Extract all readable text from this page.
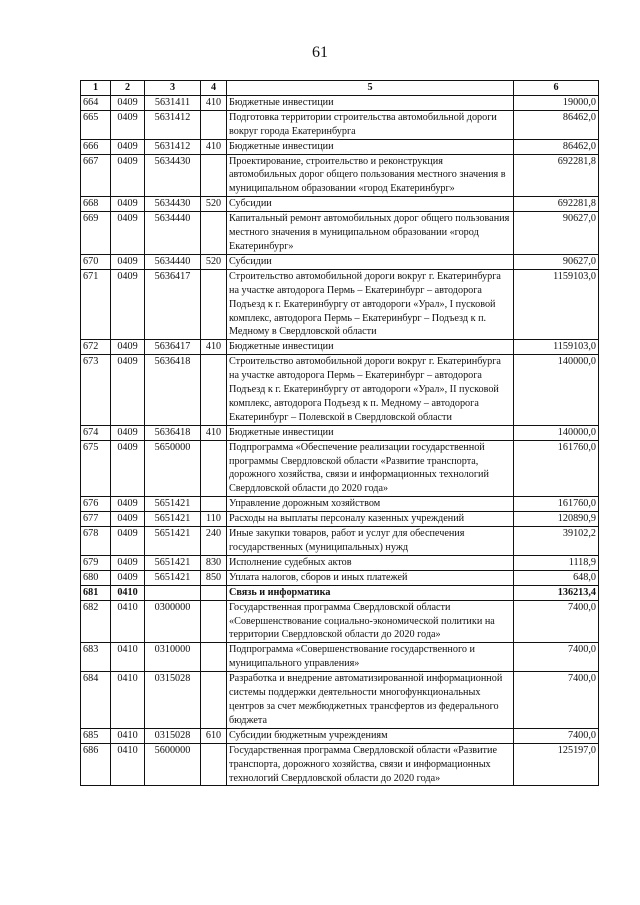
61
1	2	3	4	5	6
664	0409	5631411	410	Бюджетные инвестиции	19000,0
665	0409	5631412		Подготовка территории строительства автомобильной дороги вокруг города Екатеринбурга	86462,0
666	0409	5631412	410	Бюджетные инвестиции	86462,0
667	0409	5634430		Проектирование, строительство и реконструкция автомобильных дорог общего пользования местного значения в муниципальном образовании «город Екатеринбург»	692281,8
668	0409	5634430	520	Субсидии	692281,8
669	0409	5634440		Капитальный ремонт автомобильных дорог общего пользования местного значения в муниципальном образовании «город Екатеринбург»	90627,0
670	0409	5634440	520	Субсидии	90627,0
671	0409	5636417		Строительство автомобильной дороги вокруг г. Екатеринбурга на участке автодорога Пермь – Екатеринбург – автодорога Подъезд к г. Екатеринбургу от автодороги «Урал», I пусковой комплекс, автодорога Пермь – Екатеринбург – Подъезд к п. Медному в Свердловской области	1159103,0
672	0409	5636417	410	Бюджетные инвестиции	1159103,0
673	0409	5636418		Строительство автомобильной дороги вокруг г. Екатеринбурга на участке автодорога Пермь – Екатеринбург – автодорога Подъезд к г. Екатеринбургу от автодороги «Урал», II пусковой комплекс, автодорога Подъезд к п. Медному – автодорога Екатеринбург – Полевской в Свердловской области	140000,0
674	0409	5636418	410	Бюджетные инвестиции	140000,0
675	0409	5650000		Подпрограмма «Обеспечение реализации государственной программы Свердловской области «Развитие транспорта, дорожного хозяйства, связи и информационных технологий Свердловской области до 2020 года»	161760,0
676	0409	5651421		Управление дорожным хозяйством	161760,0
677	0409	5651421	110	Расходы на выплаты персоналу казенных учреждений	120890,9
678	0409	5651421	240	Иные закупки товаров, работ и услуг для обеспечения государственных (муниципальных) нужд	39102,2
679	0409	5651421	830	Исполнение судебных актов	1118,9
680	0409	5651421	850	Уплата налогов, сборов и иных платежей	648,0
681	0410			Связь и информатика	136213,4
682	0410	0300000		Государственная программа Свердловской области «Совершенствование социально-экономической политики на территории Свердловской области до 2020 года»	7400,0
683	0410	0310000		Подпрограмма «Совершенствование государственного и муниципального управления»	7400,0
684	0410	0315028		Разработка и внедрение автоматизированной информационной системы поддержки деятельности многофункциональных центров за счет межбюджетных трансфертов из федерального бюджета	7400,0
685	0410	0315028	610	Субсидии бюджетным учреждениям	7400,0
686	0410	5600000		Государственная программа Свердловской области «Развитие транспорта, дорожного хозяйства, связи и информационных технологий Свердловской области до 2020 года»	125197,0
